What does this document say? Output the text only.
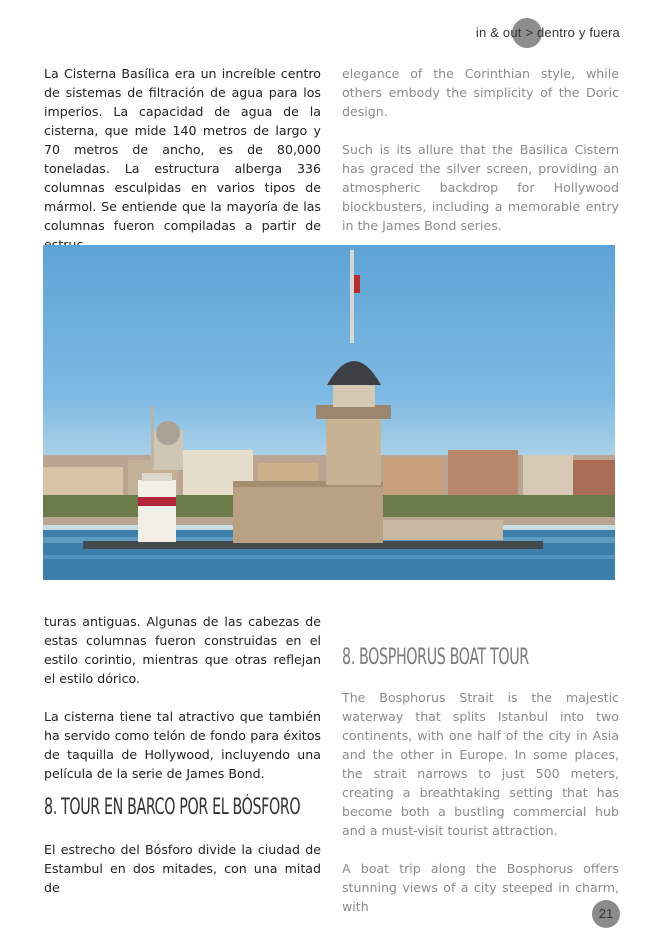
in & out > dentro y fuera

La Cisterna Basílica era un increíble centro de sistemas de filtración de agua para los imperios. La capacidad de agua de la cisterna, que mide 140 metros de largo y 70 metros de ancho, es de 80,000 toneladas. La estructura alberga 336 columnas esculpidas en varios tipos de mármol. Se entiende que la mayoría de las columnas fueron compiladas a partir de

elegance of the Corinthian style, while others embody the simplicity of the Doric design.

Such is its allure that the Basilica Cistern has graced the silver screen, providing an atmospheric backdrop for Hollywood blockbusters, including a memorable entry in the James Bond series.

turas antiguas. Algunas de las cabezas de estas columnas fueron construidas en el estilo corintio, mientras que otras reflejan el estilo dórico.

La cisterna tiene tal atractivo que también ha servido como telón de fondo para éxitos de taquilla de Hollywood, incluyendo una película de la serie de James Bond.

8. BOSPHORUS BOAT TOUR

The Bosphorus Strait is the majestic waterway that splits Istanbul into two continents, with one half of the city in Asia and the other in Europe. In some places, the strait narrows to just 500 meters, creating a breathtaking setting that has become both a bustling commercial hub and a must-visit tourist attraction.

A boat trip along the Bosphorus offers stunning views of a city steeped in charm, with

8. TOUR EN BARCO POR EL BÓSFORO

El estrecho del Bósforo divide la ciudad de Estambul en dos mitades, con una mitad de

21
